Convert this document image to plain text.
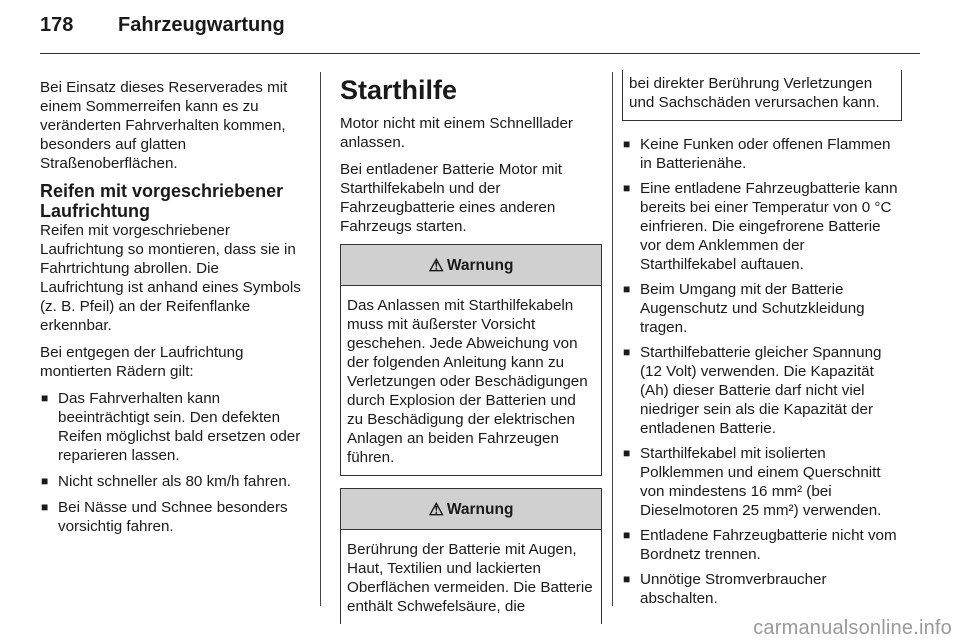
178 Fahrzeugwartung

Bei Einsatz dieses Reserverades mit einem Sommerreifen kann es zu veränderten Fahrverhalten kommen, besonders auf glatten Straßenoberflächen.

Reifen mit vorgeschriebener Laufrichtung

Reifen mit vorgeschriebener Laufrichtung so montieren, dass sie in Fahrtrichtung abrollen. Die Laufrichtung ist anhand eines Symbols (z. B. Pfeil) an der Reifenflanke erkennbar.

Bei entgegen der Laufrichtung montierten Rädern gilt:

■ Das Fahrverhalten kann beeinträchtigt sein. Den defekten Reifen möglichst bald ersetzen oder reparieren lassen.
■ Nicht schneller als 80 km/h fahren.
■ Bei Nässe und Schnee besonders vorsichtig fahren.
Starthilfe

Motor nicht mit einem Schnelllader anlassen.

Bei entladener Batterie Motor mit Starthilfekabeln und der Fahrzeugbatterie eines anderen Fahrzeugs starten.

⚠ Warnung
Das Anlassen mit Starthilfekabeln muss mit äußerster Vorsicht geschehen. Jede Abweichung von der folgenden Anleitung kann zu Verletzungen oder Beschädigungen durch Explosion der Batterien und zu Beschädigung der elektrischen Anlagen an beiden Fahrzeugen führen.
⚠ Warnung
Berührung der Batterie mit Augen, Haut, Textilien und lackierten Oberflächen vermeiden. Die Batterie enthält Schwefelsäure, die
bei direkter Berührung Verletzungen und Sachschäden verursachen kann.
■ Keine Funken oder offenen Flammen in Batterienähe.
■ Eine entladene Fahrzeugbatterie kann bereits bei einer Temperatur von 0 °C einfrieren. Die eingefrorene Batterie vor dem Anklemmen der Starthilfekabel auftauen.
■ Beim Umgang mit der Batterie Augenschutz und Schutzkleidung tragen.
■ Starthilfebatterie gleicher Spannung (12 Volt) verwenden. Die Kapazität (Ah) dieser Batterie darf nicht viel niedriger sein als die Kapazität der entladenen Batterie.
■ Starthilfekabel mit isolierten Polklemmen und einem Querschnitt von mindestens 16 mm² (bei Dieselmotoren 25 mm²) verwenden.
■ Entladene Fahrzeugbatterie nicht vom Bordnetz trennen.
■ Unnötige Stromverbraucher abschalten.
carmanualsonline.info
